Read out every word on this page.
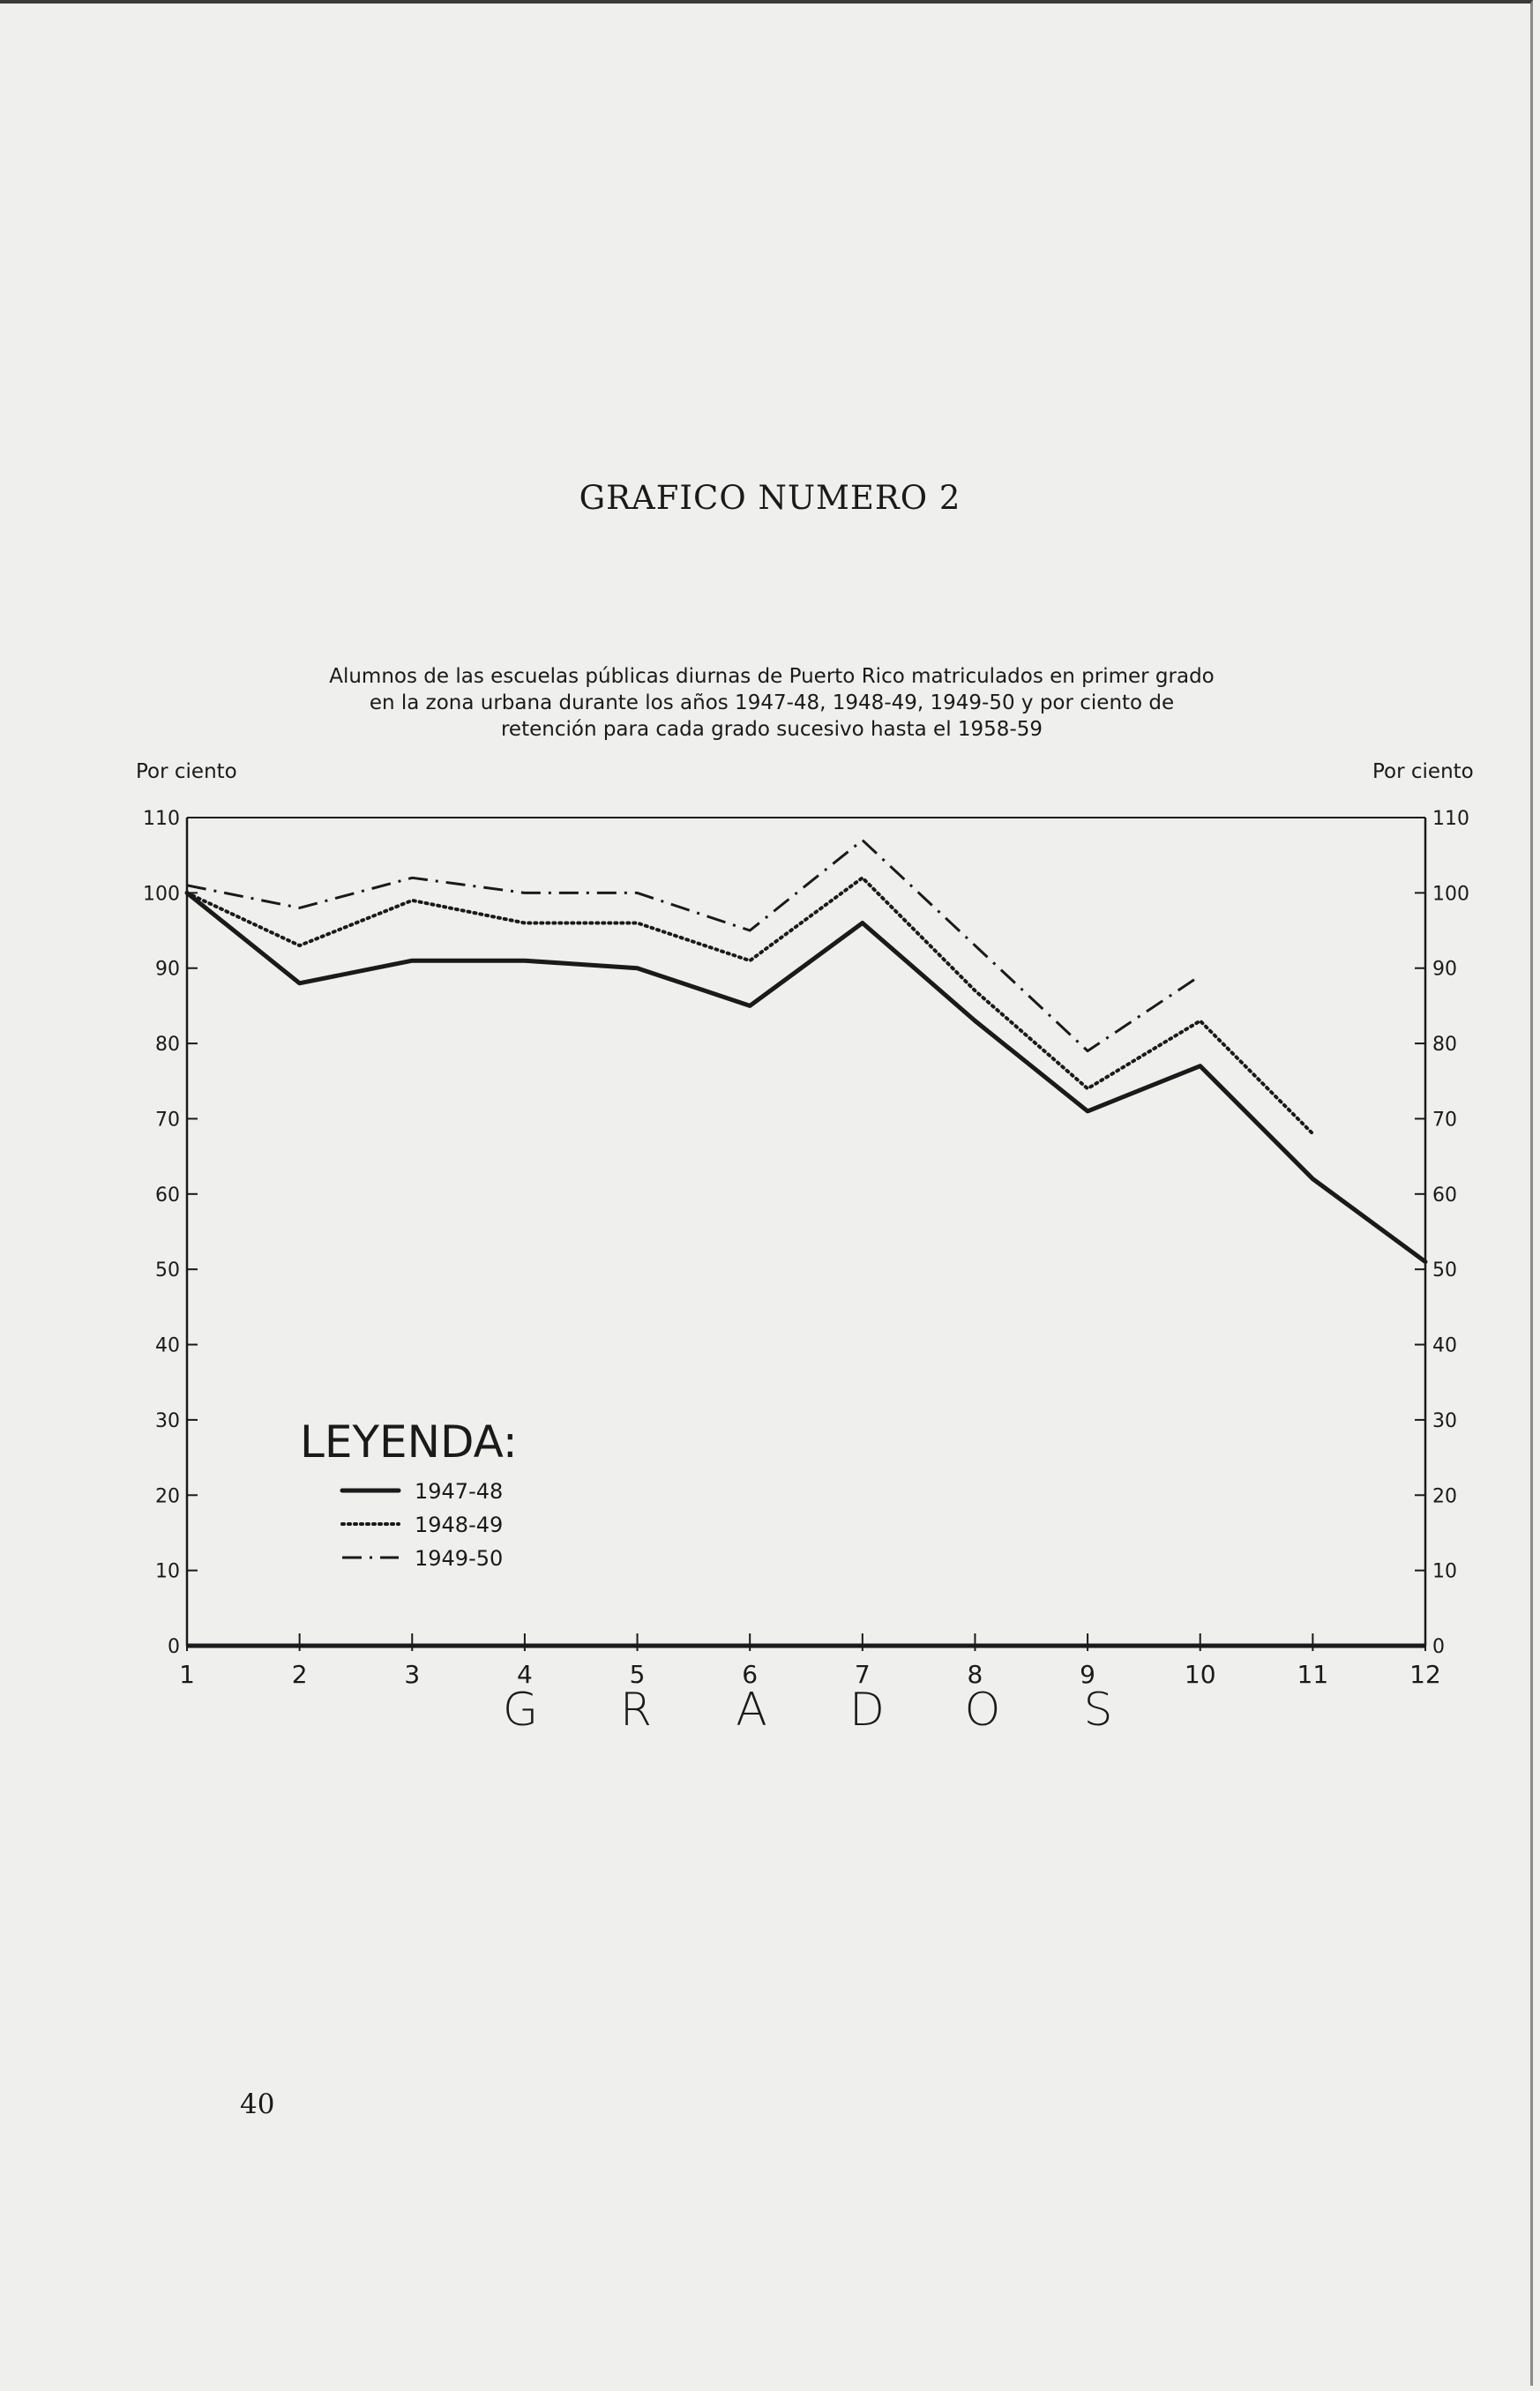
GRAFICO NUMERO 2
Alumnos de las escuelas públicas diurnas de Puerto Rico matriculados en primer grado
en la zona urbana durante los años 1947-48, 1948-49, 1949-50 y por ciento de
retención para cada grado sucesivo hasta el 1958-59
Por ciento	Por ciento
0	0
10	10
20	20
30	30
40	40
50	50
60	60
70	70
80	80
90	90
100	100
110	110
1	2	3	4	5	6	7	8	9	10	11	12
G R A D O S
LEYENDA:
1947-48
1948-49
1949-50
40
